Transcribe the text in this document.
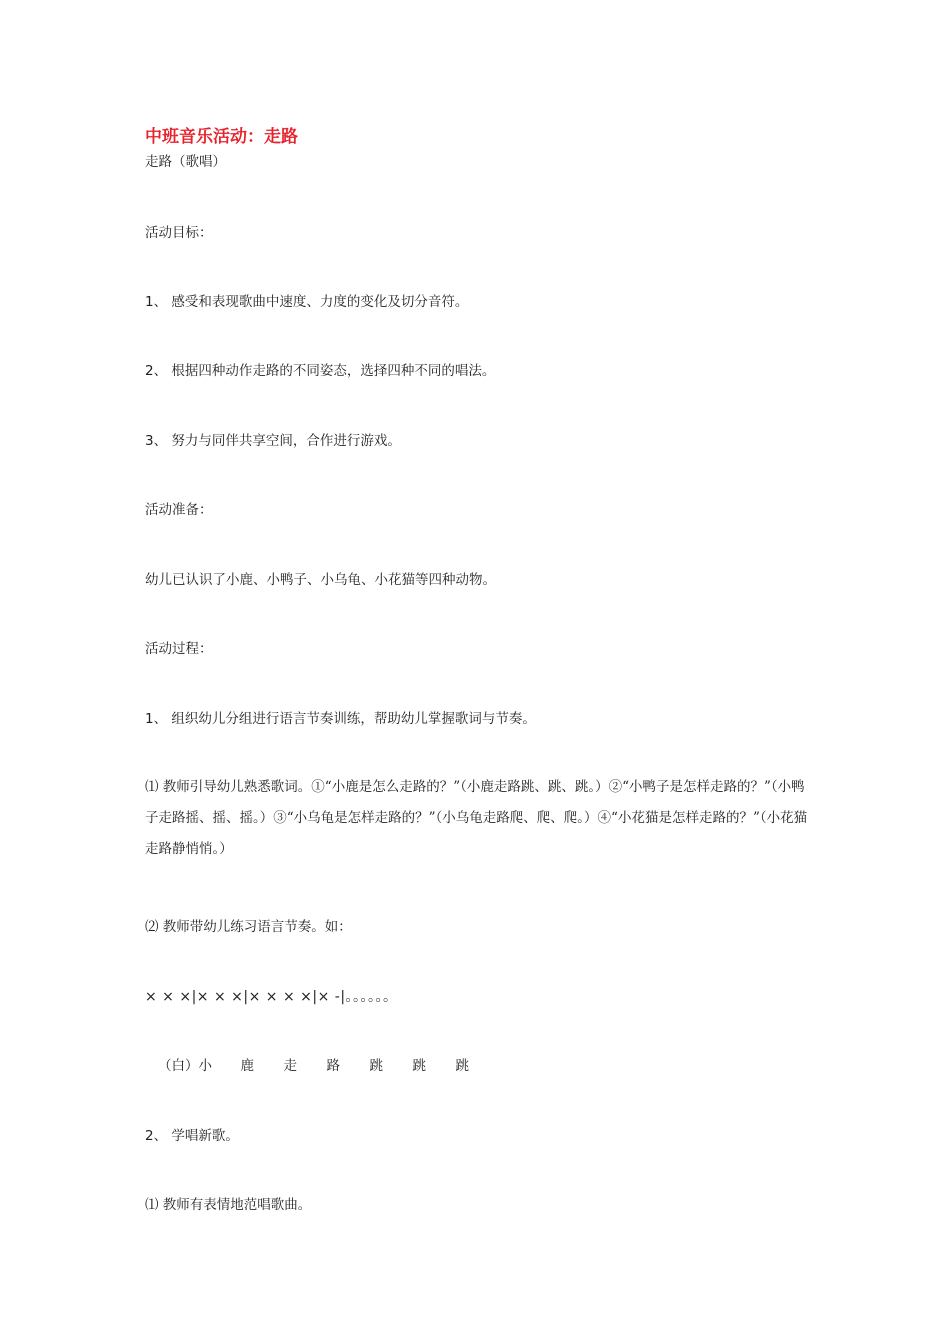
中班音乐活动：走路
走路（歌唱）
活动目标：
1、 感受和表现歌曲中速度、力度的变化及切分音符。
2、 根据四种动作走路的不同姿态，选择四种不同的唱法。
3、 努力与同伴共享空间，合作进行游戏。
活动准备：
幼儿已认识了小鹿、小鸭子、小乌龟、小花猫等四种动物。
活动过程：
1、 组织幼儿分组进行语言节奏训练，帮助幼儿掌握歌词与节奏。
⑴ 教师引导幼儿熟悉歌词。①“小鹿是怎么走路的？”（小鹿走路跳、跳、跳。）②“小鸭子是怎样走路的？”（小鸭子走路摇、摇、摇。）③“小乌龟是怎样走路的？”（小乌龟走路爬、爬、爬。）④“小花猫是怎样走路的？”（小花猫走路静悄悄。）
⑵ 教师带幼儿练习语言节奏。如：
× × ×|× × ×|× × × ×|× -|。。。。。。
（白）小 鹿 走 路 跳 跳 跳
2、 学唱新歌。
⑴ 教师有表情地范唱歌曲。
